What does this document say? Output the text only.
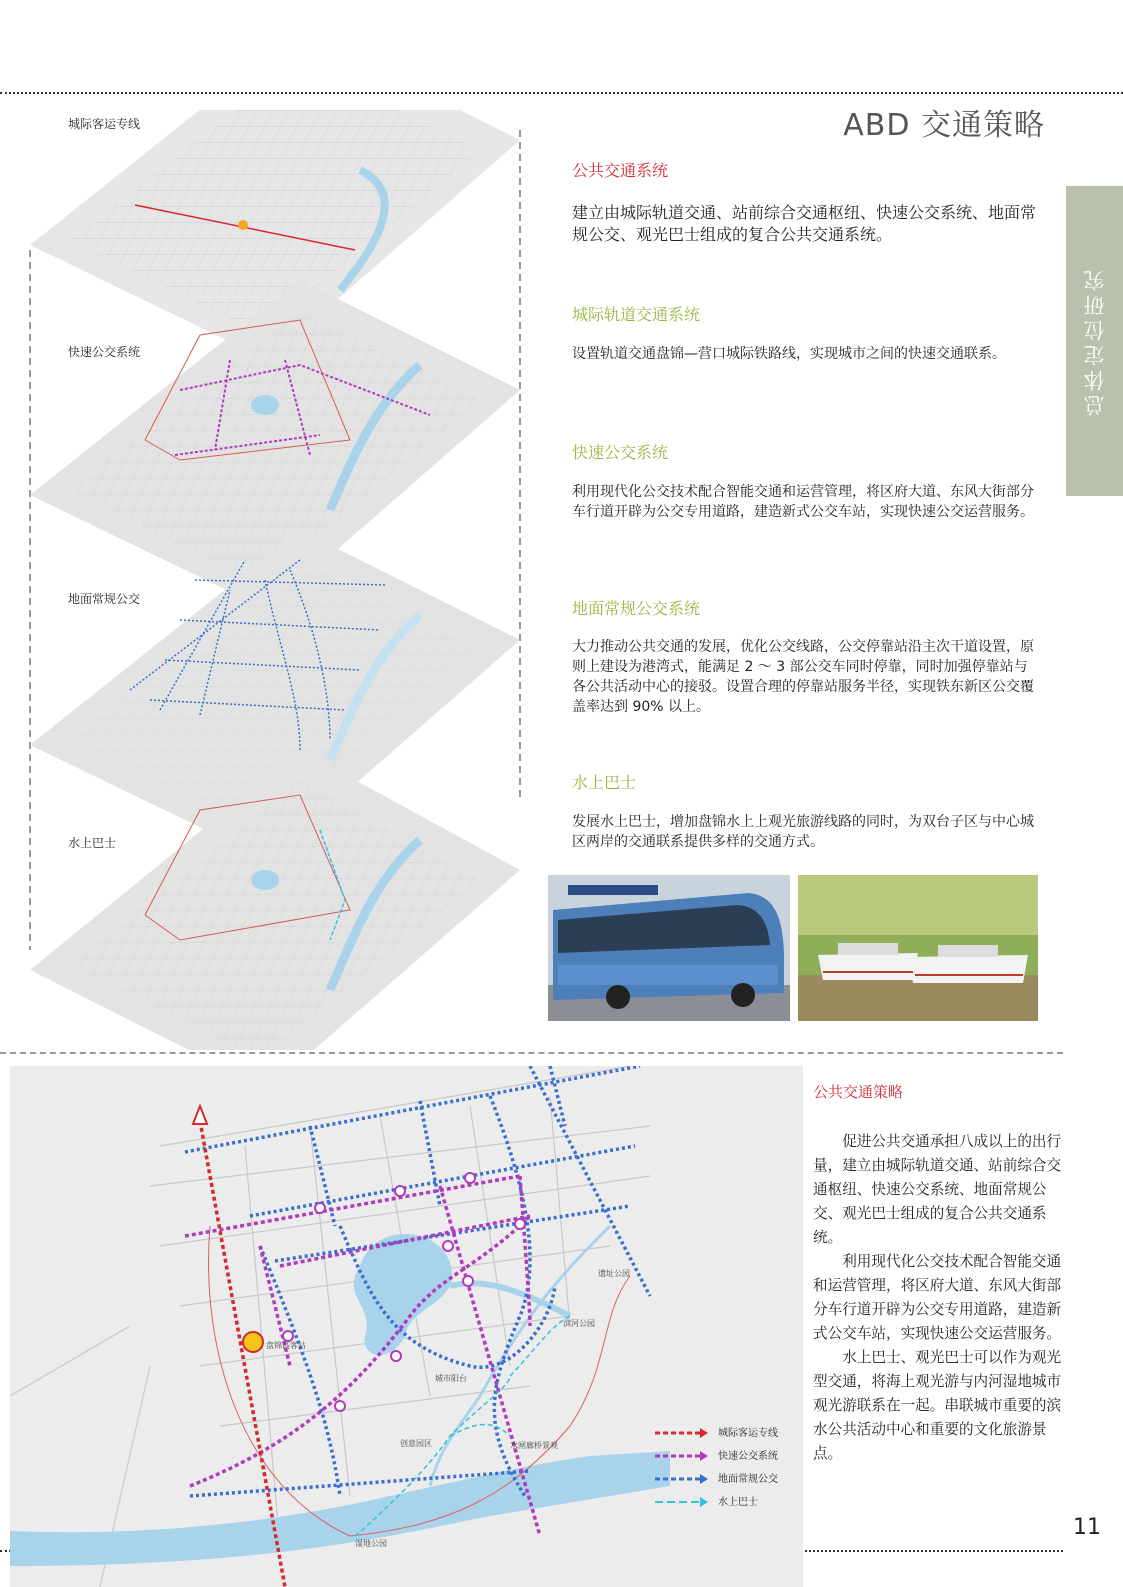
ABD 交通策略
总体定位研究
城际客运专线
快速公交系统
地面常规公交
水上巴士
公共交通系统
建立由城际轨道交通、站前综合交通枢纽、快速公交系统、地面常规公交、观光巴士组成的复合公共交通系统。
城际轨道交通系统
设置轨道交通盘锦—营口城际铁路线，实现城市之间的快速交通联系。
快速公交系统
利用现代化公交技术配合智能交通和运营管理，将区府大道、东风大街部分车行道开辟为公交专用道路，建造新式公交车站，实现快速公交运营服务。
地面常规公交系统
大力推动公共交通的发展，优化公交线路，公交停靠站沿主次干道设置，原则上建设为港湾式，能满足 2 ～ 3 部公交车同时停靠，同时加强停靠站与各公共活动中心的接驳。设置合理的停靠站服务半径，实现铁东新区公交覆盖率达到 90% 以上。
水上巴士
发展水上巴士，增加盘锦水上上观光旅游线路的同时，为双台子区与中心城区两岸的交通联系提供多样的交通方式。
盘锦高客站
遗址公园
滨河公园
城市阳台
创意园区	水闸廊桥景观
湿地公园
城际客运专线
快速公交系统
地面常规公交
水上巴士
公共交通策略

促进公共交通承担八成以上的出行量，建立由城际轨道交通、站前综合交通枢纽、快速公交系统、地面常规公交、观光巴士组成的复合公共交通系统。

利用现代化公交技术配合智能交通和运营管理，将区府大道、东风大街部分车行道开辟为公交专用道路，建造新式公交车站，实现快速公交运营服务。

水上巴士、观光巴士可以作为观光型交通，将海上观光游与内河湿地城市观光游联系在一起。串联城市重要的滨水公共活动中心和重要的文化旅游景点。

11
